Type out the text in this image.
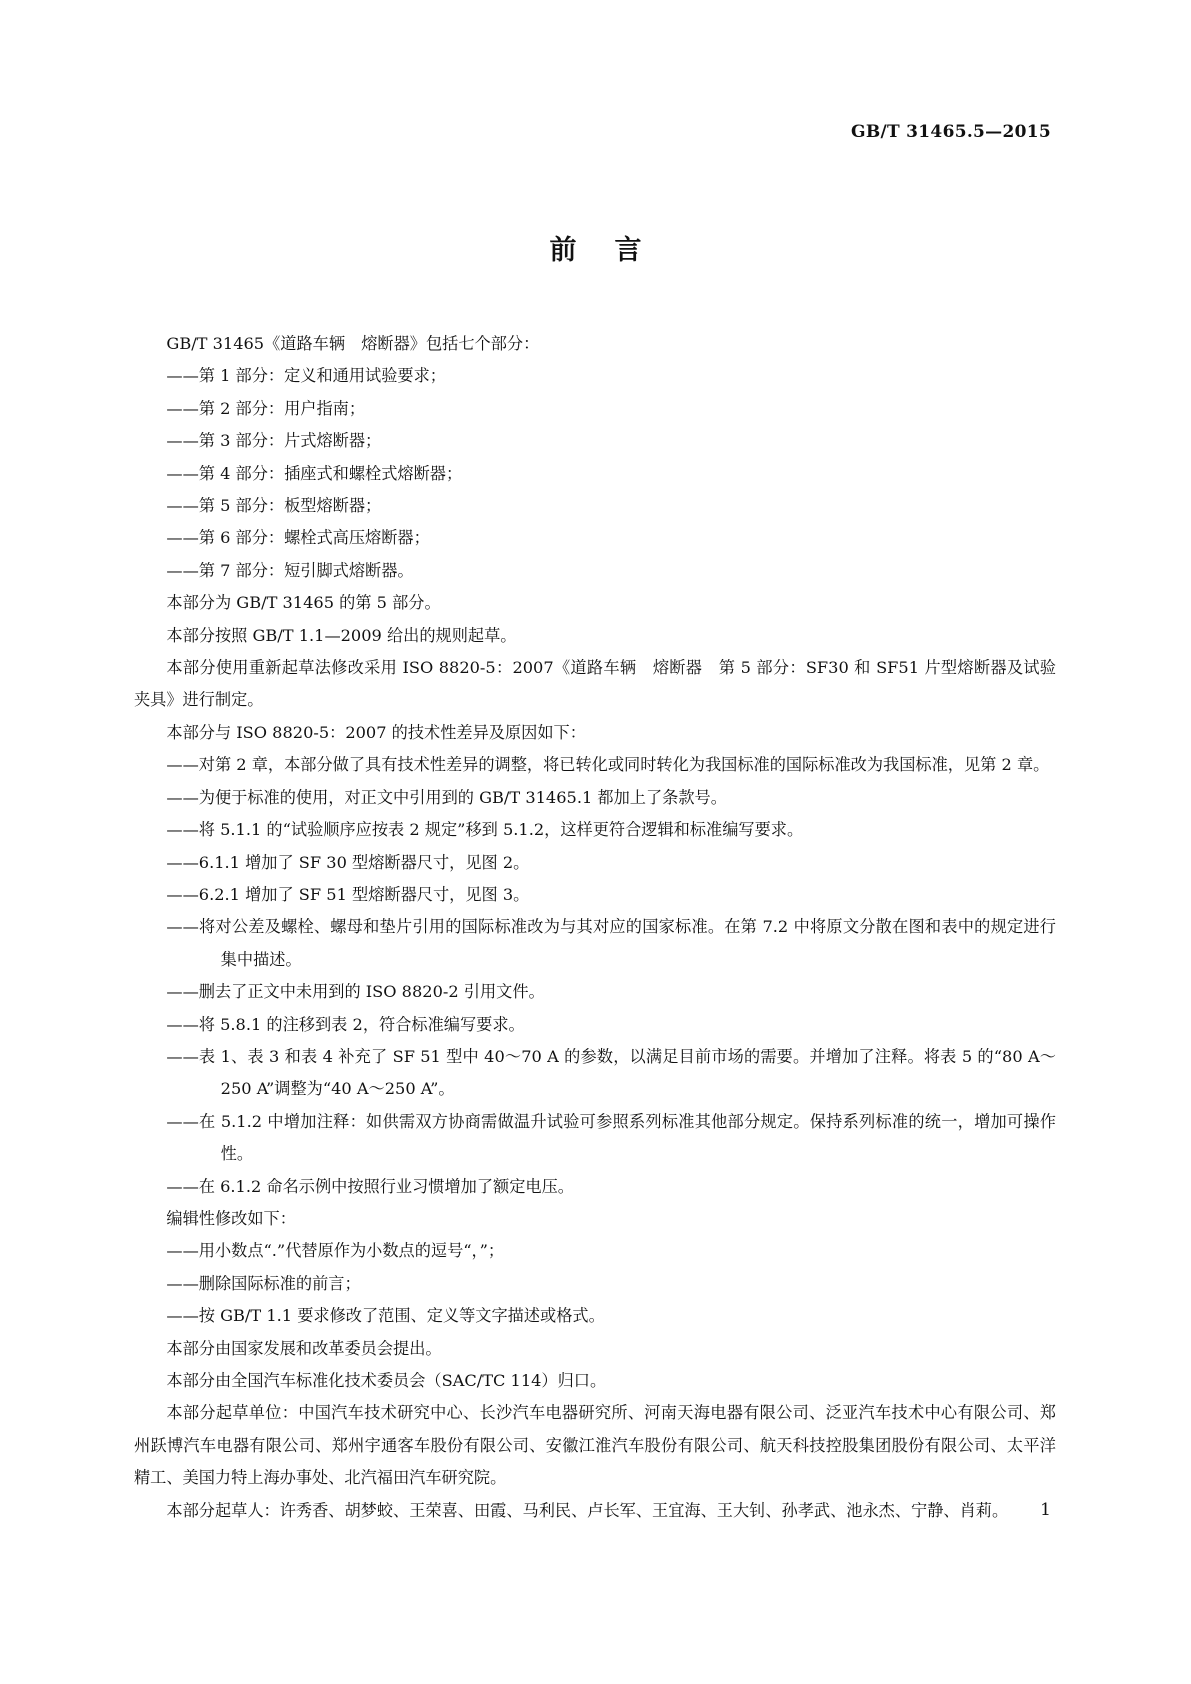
GB/T 31465.5—2015
前言

GB/T 31465《道路车辆　熔断器》包括七个部分：

——第 1 部分：定义和通用试验要求；

——第 2 部分：用户指南；

——第 3 部分：片式熔断器；

——第 4 部分：插座式和螺栓式熔断器；

——第 5 部分：板型熔断器；

——第 6 部分：螺栓式高压熔断器；

——第 7 部分：短引脚式熔断器。

本部分为 GB/T 31465 的第 5 部分。

本部分按照 GB/T 1.1—2009 给出的规则起草。

本部分使用重新起草法修改采用 ISO 8820-5：2007《道路车辆　熔断器　第 5 部分：SF30 和 SF51 片型熔断器及试验夹具》进行制定。

本部分与 ISO 8820-5：2007 的技术性差异及原因如下：

——对第 2 章，本部分做了具有技术性差异的调整，将已转化或同时转化为我国标准的国际标准改为我国标准，见第 2 章。

——为便于标准的使用，对正文中引用到的 GB/T 31465.1 都加上了条款号。

——将 5.1.1 的“试验顺序应按表 2 规定”移到 5.1.2，这样更符合逻辑和标准编写要求。

——6.1.1 增加了 SF 30 型熔断器尺寸，见图 2。

——6.2.1 增加了 SF 51 型熔断器尺寸，见图 3。

——将对公差及螺栓、螺母和垫片引用的国际标准改为与其对应的国家标准。在第 7.2 中将原文分散在图和表中的规定进行集中描述。

——删去了正文中未用到的 ISO 8820-2 引用文件。

——将 5.8.1 的注移到表 2，符合标准编写要求。

——表 1、表 3 和表 4 补充了 SF 51 型中 40～70 A 的参数，以满足目前市场的需要。并增加了注释。将表 5 的“80 A～250 A”调整为“40 A～250 A”。

——在 5.1.2 中增加注释：如供需双方协商需做温升试验可参照系列标准其他部分规定。保持系列标准的统一，增加可操作性。

——在 6.1.2 命名示例中按照行业习惯增加了额定电压。

编辑性修改如下：

——用小数点“.”代替原作为小数点的逗号“，”；

——删除国际标准的前言；

——按 GB/T 1.1 要求修改了范围、定义等文字描述或格式。

本部分由国家发展和改革委员会提出。

本部分由全国汽车标准化技术委员会（SAC/TC 114）归口。

本部分起草单位：中国汽车技术研究中心、长沙汽车电器研究所、河南天海电器有限公司、泛亚汽车技术中心有限公司、郑州跃博汽车电器有限公司、郑州宇通客车股份有限公司、安徽江淮汽车股份有限公司、航天科技控股集团股份有限公司、太平洋精工、美国力特上海办事处、北汽福田汽车研究院。

本部分起草人：许秀香、胡梦蛟、王荣喜、田霞、马利民、卢长军、王宜海、王大钊、孙孝武、池永杰、宁静、肖莉。	1
